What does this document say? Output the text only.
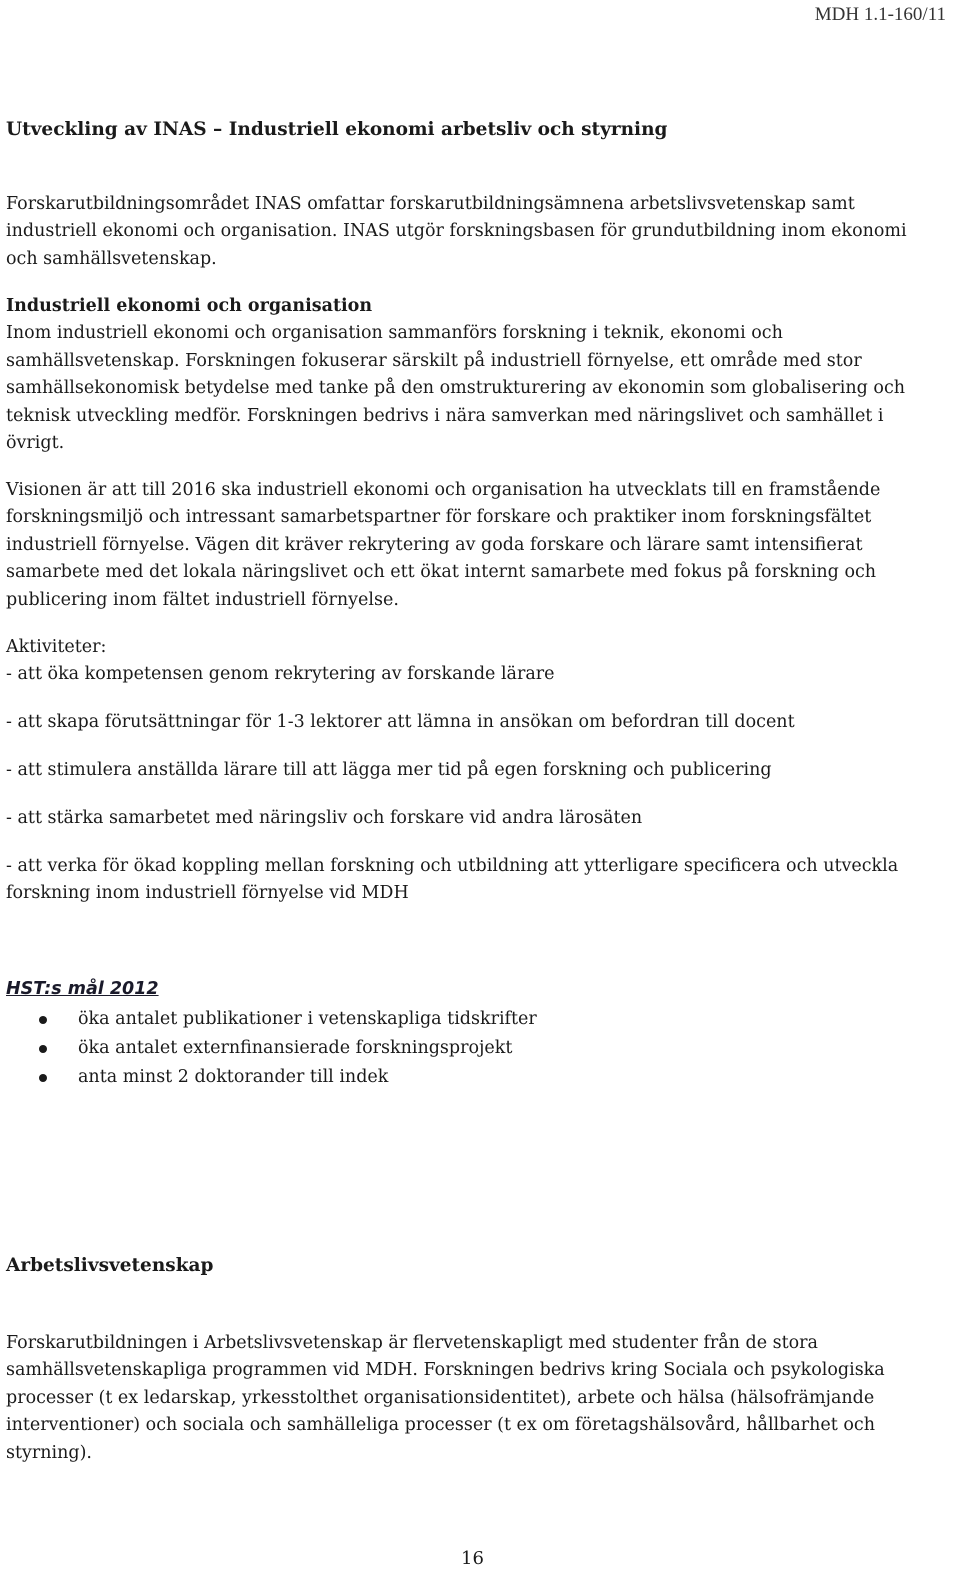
MDH 1.1-160/11
Utveckling av INAS – Industriell ekonomi arbetsliv och styrning

Forskarutbildningsområdet INAS omfattar forskarutbildningsämnena arbetslivsvetenskap samt

industriell ekonomi och organisation. INAS utgör forskningsbasen för grundutbildning inom ekonomi

och samhällsvetenskap.

Industriell ekonomi och organisation

Inom industriell ekonomi och organisation sammanförs forskning i teknik, ekonomi och

samhällsvetenskap. Forskningen fokuserar särskilt på industriell förnyelse, ett område med stor

samhällsekonomisk betydelse med tanke på den omstrukturering av ekonomin som globalisering och

teknisk utveckling medför. Forskningen bedrivs i nära samverkan med näringslivet och samhället i

övrigt.

Visionen är att till 2016 ska industriell ekonomi och organisation ha utvecklats till en framstående

forskningsmiljö och intressant samarbetspartner för forskare och praktiker inom forskningsfältet

industriell förnyelse. Vägen dit kräver rekrytering av goda forskare och lärare samt intensifierat

samarbete med det lokala näringslivet och ett ökat internt samarbete med fokus på forskning och

publicering inom fältet industriell förnyelse.

Aktiviteter:
- att öka kompetensen genom rekrytering av forskande lärare
- att skapa förutsättningar för 1-3 lektorer att lämna in ansökan om befordran till docent
- att stimulera anställda lärare till att lägga mer tid på egen forskning och publicering
- att stärka samarbetet med näringsliv och forskare vid andra lärosäten

- att verka för ökad koppling mellan forskning och utbildning att ytterligare specificera och utveckla

forskning inom industriell förnyelse vid MDH

HST:s mål 2012
öka antalet publikationer i vetenskapliga tidskrifter
öka antalet externfinansierade forskningsprojekt
anta minst 2 doktorander till indek
Arbetslivsvetenskap

Forskarutbildningen i Arbetslivsvetenskap är flervetenskapligt med studenter från de stora

samhällsvetenskapliga programmen vid MDH. Forskningen bedrivs kring Sociala och psykologiska

processer (t ex ledarskap, yrkesstolthet organisationsidentitet), arbete och hälsa (hälsofrämjande

interventioner) och sociala och samhälleliga processer (t ex om företagshälsovård, hållbarhet och

styrning).

16
